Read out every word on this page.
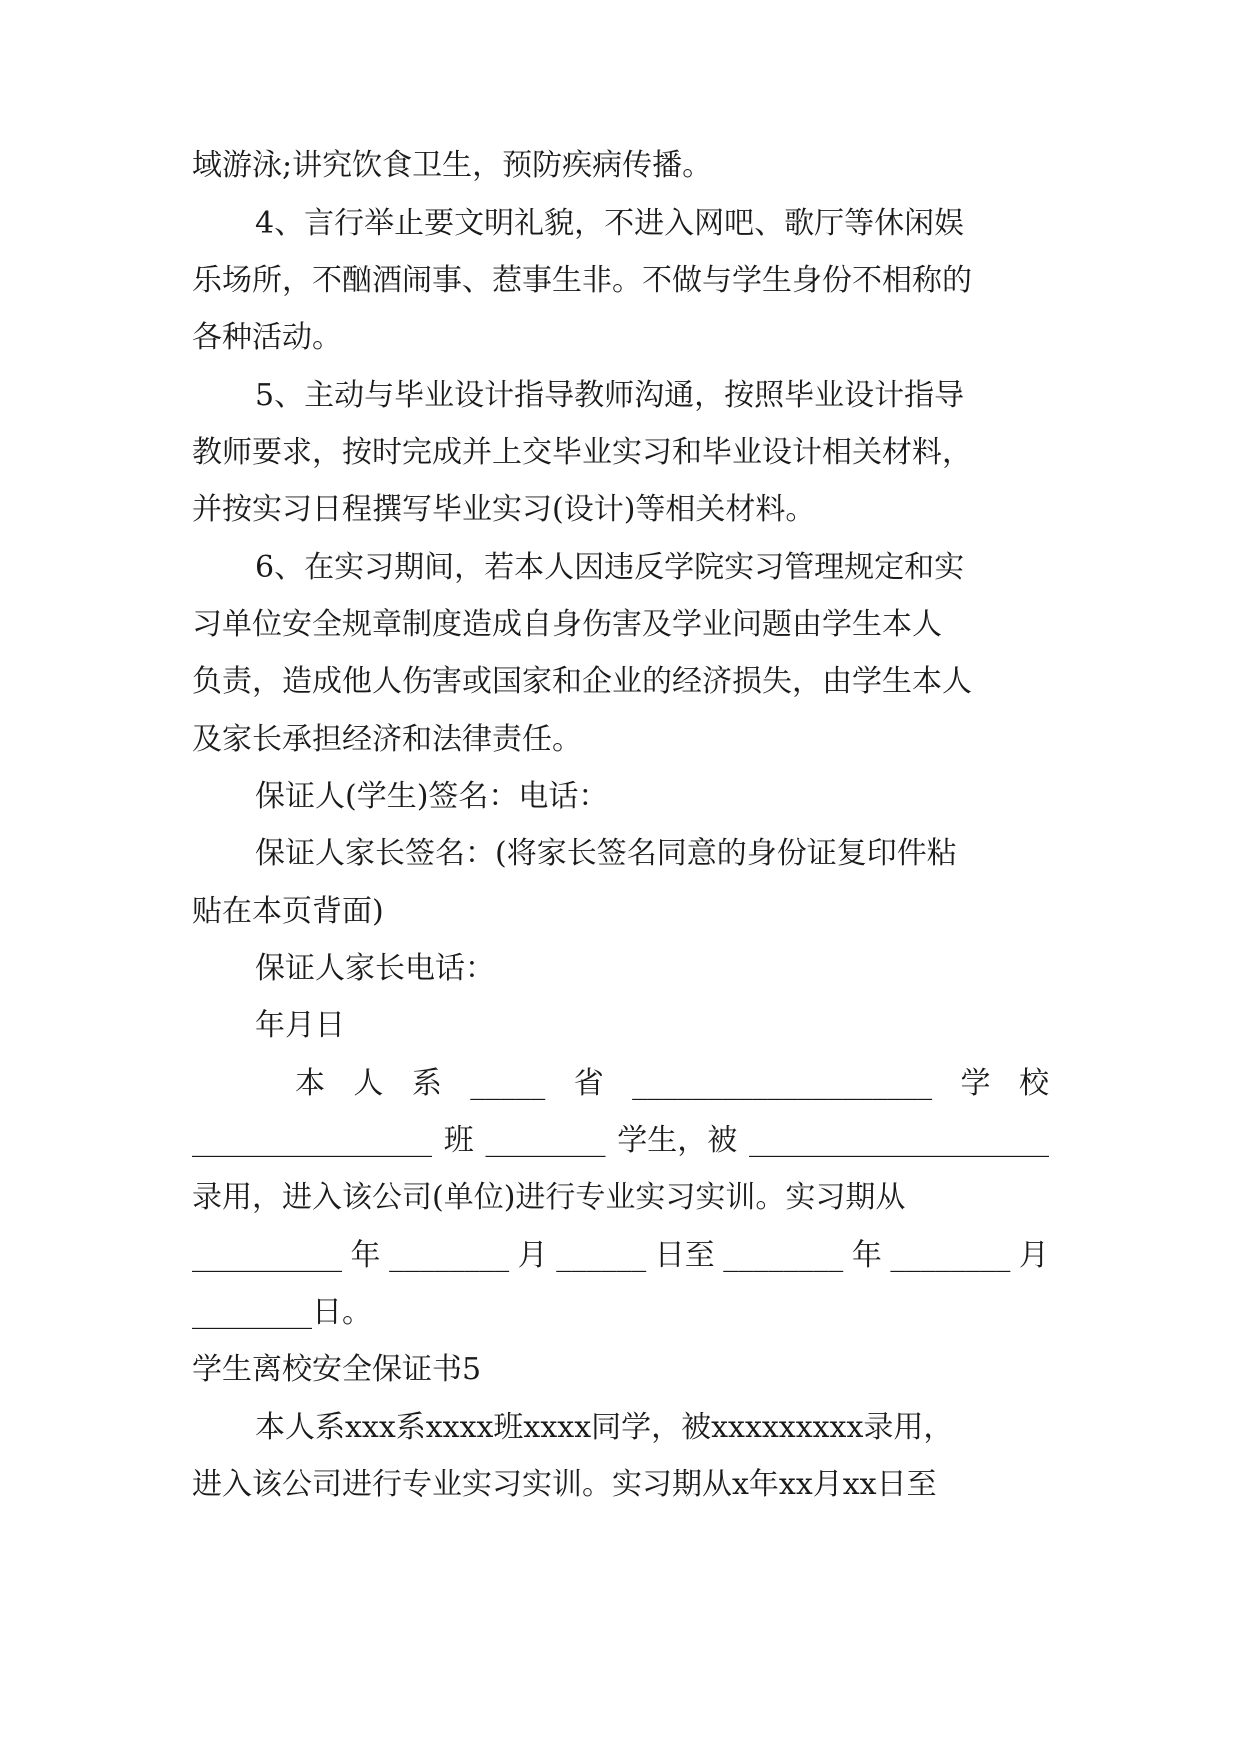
域游泳;讲究饮食卫生，预防疾病传播。
4、言行举止要文明礼貌，不进入网吧、歌厅等休闲娱
乐场所，不酗酒闹事、惹事生非。不做与学生身份不相称的
各种活动。
5、主动与毕业设计指导教师沟通，按照毕业设计指导
教师要求，按时完成并上交毕业实习和毕业设计相关材料，
并按实习日程撰写毕业实习(设计)等相关材料。
6、在实习期间，若本人因违反学院实习管理规定和实
习单位安全规章制度造成自身伤害及学业问题由学生本人
负责，造成他人伤害或国家和企业的经济损失，由学生本人
及家长承担经济和法律责任。
保证人(学生)签名：电话：
保证人家长签名：(将家长签名同意的身份证复印件粘
贴在本页背面)
保证人家长电话：
年月日
本 人 系 _____ 省 ____________________ 学 校
________________ 班 ________ 学生，被 ____________________
录用，进入该公司(单位)进行专业实习实训。实习期从
__________ 年 ________ 月 ______ 日至 ________ 年 ________ 月
________日。
学生离校安全保证书5
本人系xxx系xxxx班xxxx同学，被xxxxxxxxx录用，
进入该公司进行专业实习实训。实习期从x年xx月xx日至
